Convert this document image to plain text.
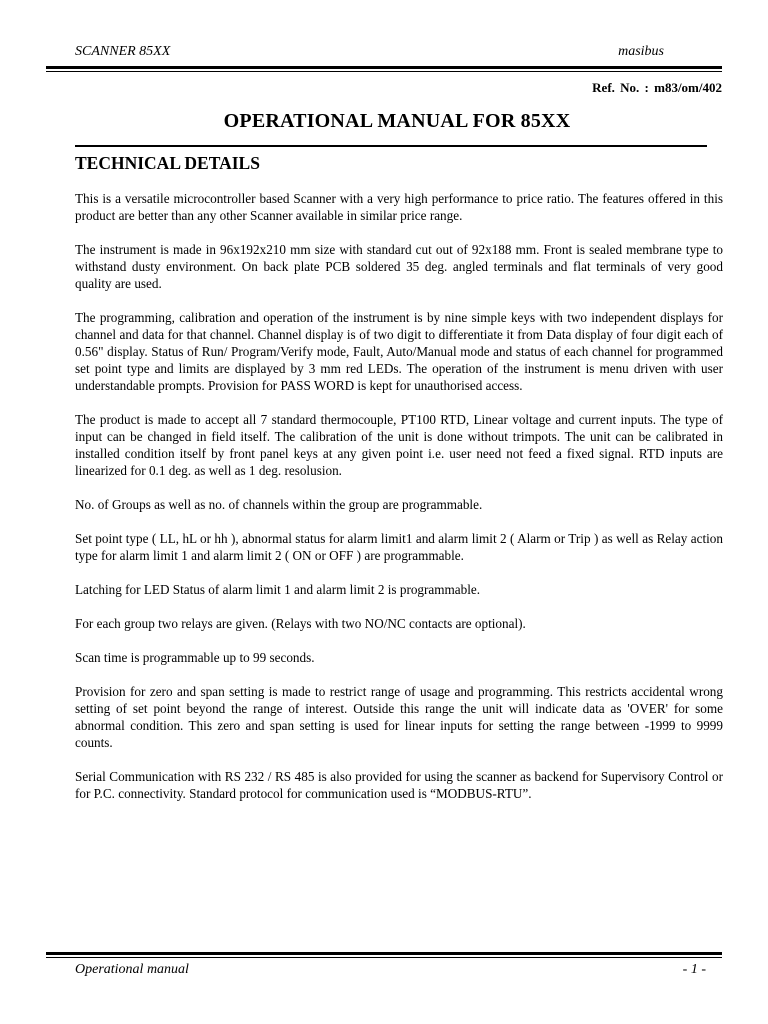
SCANNER 85XX	masibus
Ref. No. : m83/om/402
OPERATIONAL MANUAL FOR 85XX
TECHNICAL DETAILS

This is a versatile microcontroller based Scanner with a very high performance to price ratio. The features offered in this product are better than any other Scanner available in similar price range.

The instrument is made in 96x192x210 mm size with standard cut out of 92x188 mm. Front is sealed membrane type to withstand dusty environment. On back plate PCB soldered 35 deg. angled terminals and flat terminals of very good quality are used.

The programming, calibration and operation of the instrument is by nine simple keys with two independent displays for channel and data for that channel. Channel display is of two digit to differentiate it from Data display of four digit each of 0.56" display. Status of Run/ Program/Verify mode, Fault, Auto/Manual mode and status of each channel for programmed set point type and limits are displayed by 3 mm red LEDs. The operation of the instrument is menu driven with user understandable prompts. Provision for PASS WORD is kept for unauthorised access.

The product is made to accept all 7 standard thermocouple, PT100 RTD, Linear voltage and current inputs. The type of input can be changed in field itself. The calibration of the unit is done without trimpots. The unit can be calibrated in installed condition itself by front panel keys at any given point i.e. user need not feed a fixed signal. RTD inputs are linearized for 0.1 deg. as well as 1 deg. resolusion.

No. of Groups as well as no. of channels within the group are programmable.

Set point type ( LL, hL or hh ), abnormal status for alarm limit1 and alarm limit 2 ( Alarm or Trip ) as well as Relay action type for alarm limit 1 and alarm limit 2 ( ON or OFF ) are programmable.

Latching for LED Status of alarm limit 1 and alarm limit 2 is programmable.

For each group two relays are given. (Relays with two NO/NC contacts are optional).

Scan time is programmable up to 99 seconds.

Provision for zero and span setting is made to restrict range of usage and programming. This restricts accidental wrong setting of set point beyond the range of interest. Outside this range the unit will indicate data as 'OVER' for some abnormal condition. This zero and span setting is used for linear inputs for setting the range between -1999 to 9999 counts.

Serial Communication with RS 232 / RS 485 is also provided for using the scanner as backend for Supervisory Control or for P.C. connectivity. Standard protocol for communication used is “MODBUS-RTU”.

Operational manual	- 1 -
